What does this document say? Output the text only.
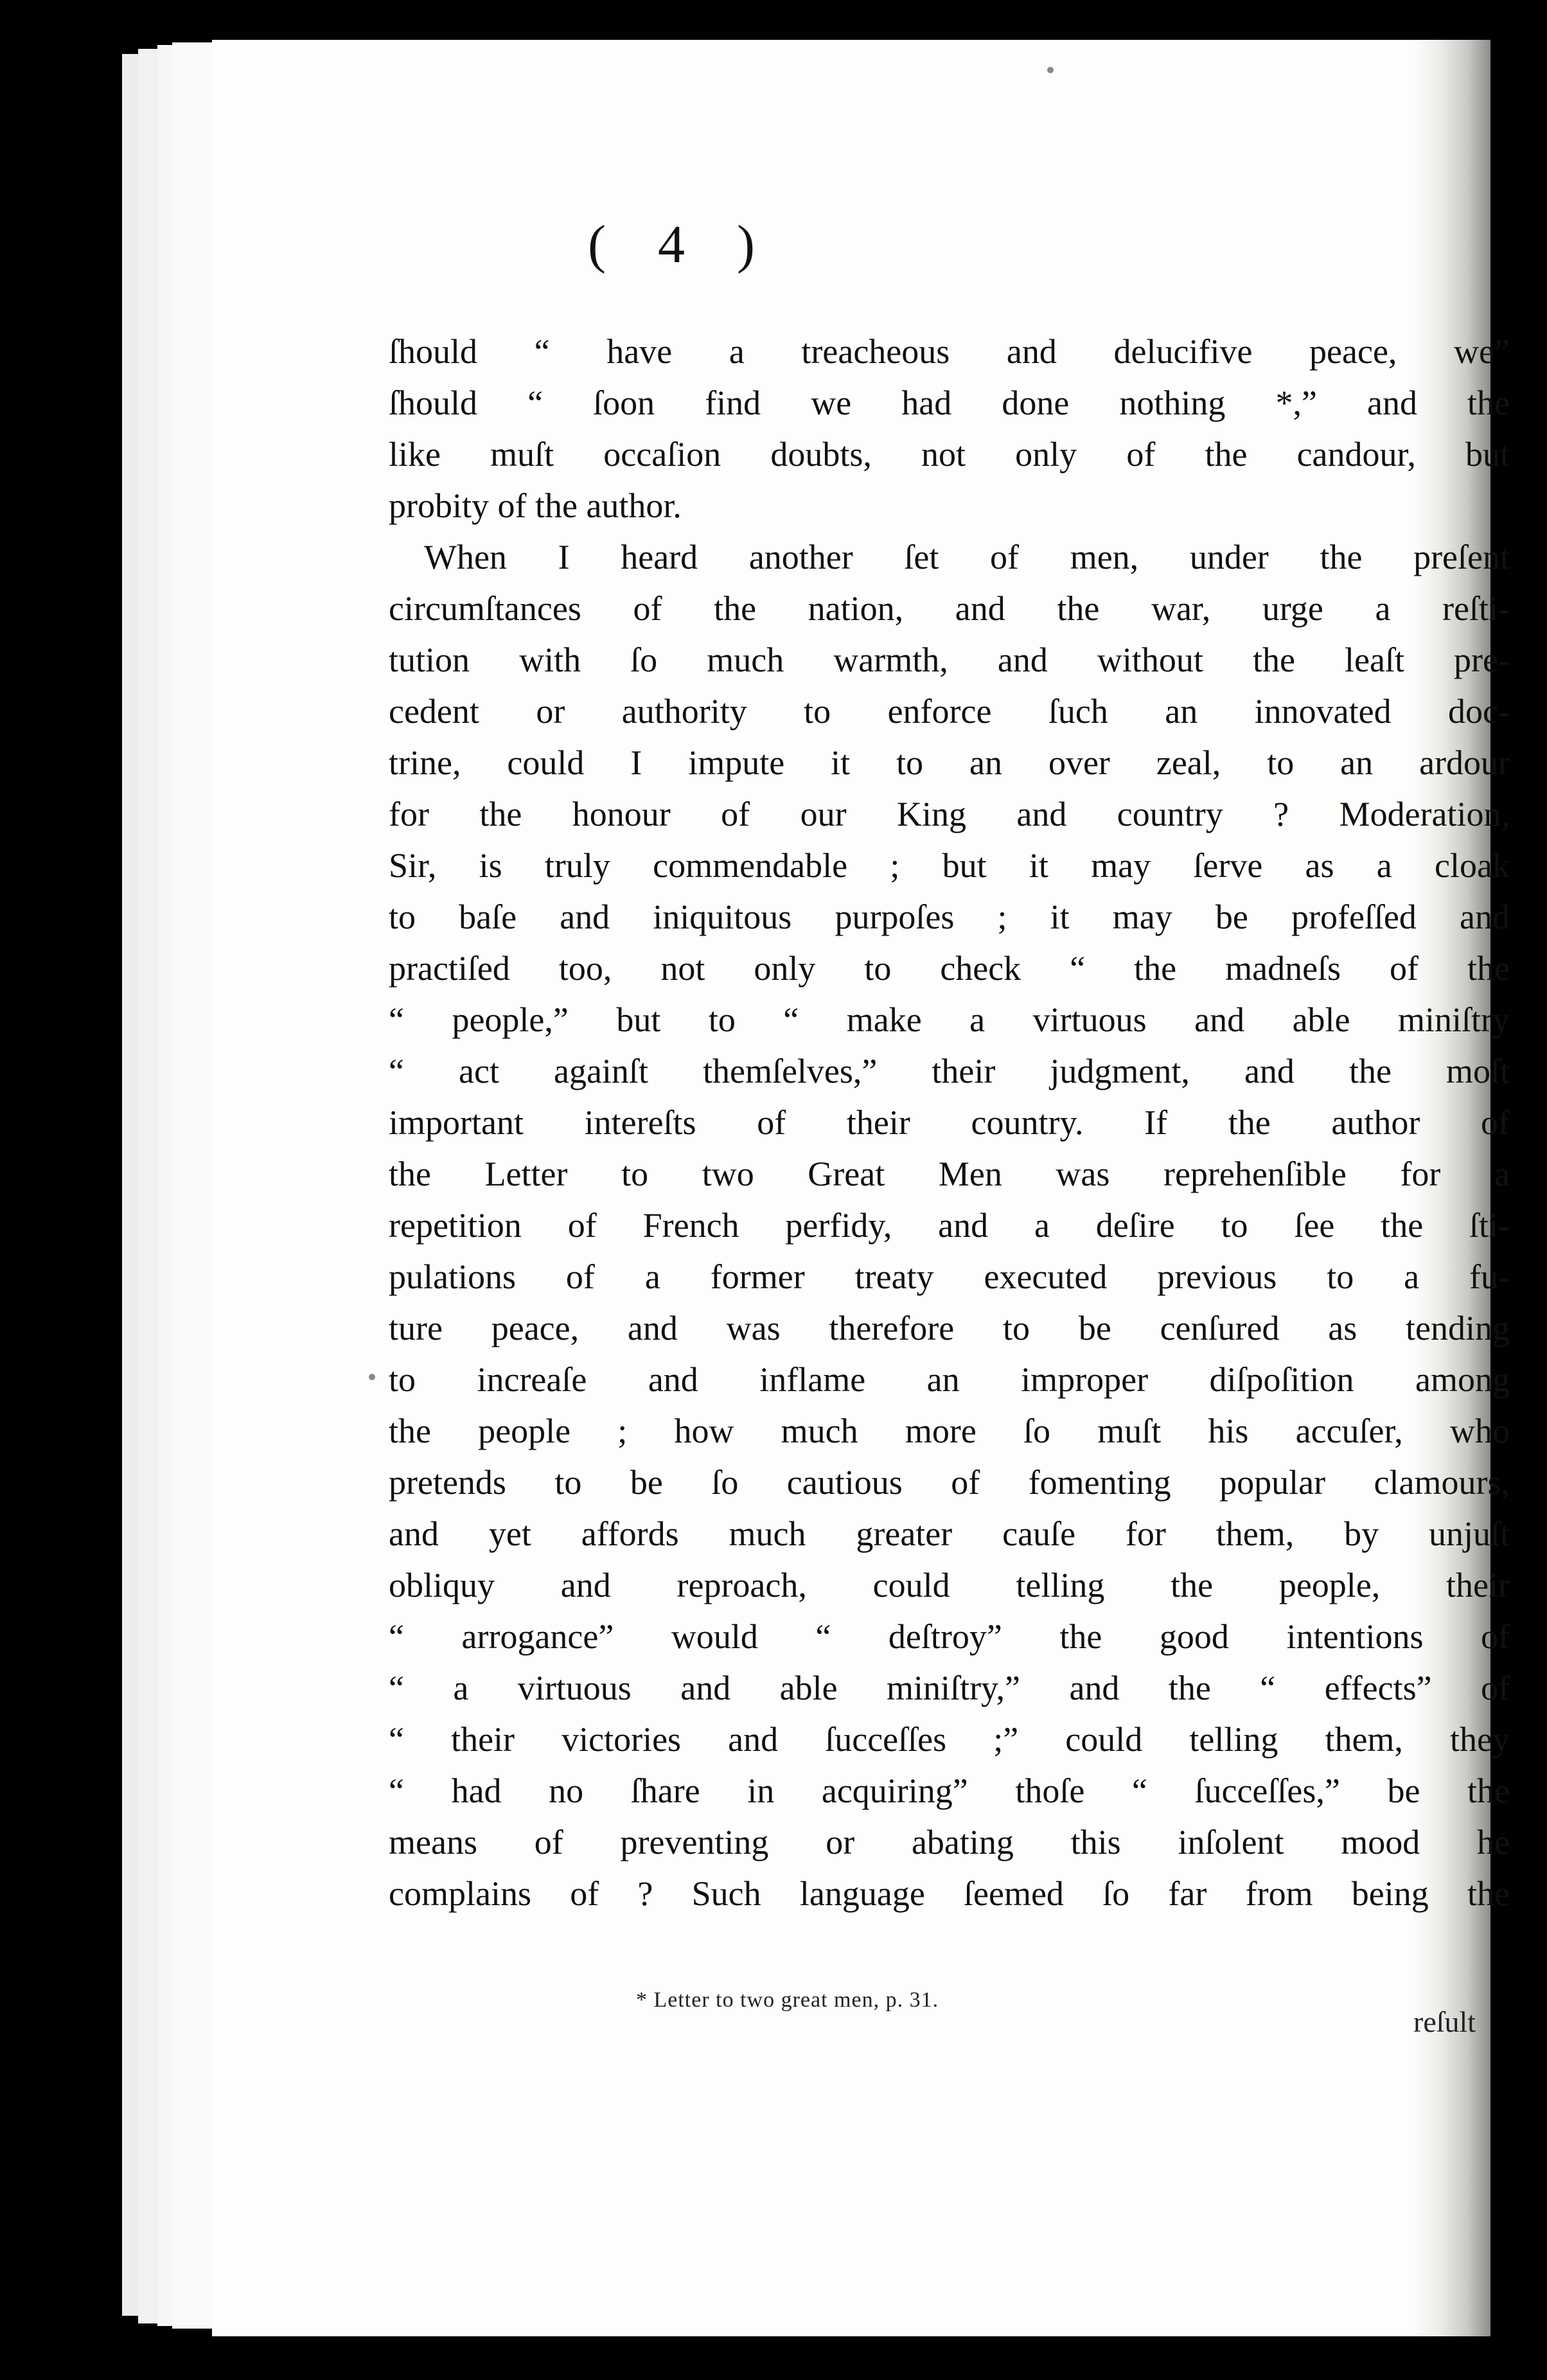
( 4 )
ſhould “ have a treacheous and delucifive peace, we”
ſhould “ ſoon find we had done nothing *,” and the
like muſt occaſion doubts, not only of the candour, but
probity of the author.
When I heard another ſet of men, under the preſent
circumſtances of the nation, and the war, urge a reſti-
tution with ſo much warmth, and without the leaſt pre-
cedent or authority to enforce ſuch an innovated doc-
trine, could I impute it to an over zeal, to an ardour
for the honour of our King and country ? Moderation,
Sir, is truly commendable ; but it may ſerve as a cloak
to baſe and iniquitous purpoſes ; it may be profeſſed and
practiſed too, not only to check “ the madneſs of the
“ people,” but to “ make a virtuous and able miniſtry
“ act againſt themſelves,” their judgment, and the moſt
important intereſts of their country. If the author of
the Letter to two Great Men was reprehenſible for a
repetition of French perfidy, and a deſire to ſee the ſti-
pulations of a former treaty executed previous to a fu-
ture peace, and was therefore to be cenſured as tending
to increaſe and inflame an improper diſpoſition among
the people ; how much more ſo muſt his accuſer, who
pretends to be ſo cautious of fomenting popular clamours,
and yet affords much greater cauſe for them, by unjuſt
obliquy and reproach, could telling the people, their
“ arrogance” would “ deſtroy” the good intentions of
“ a virtuous and able miniſtry,” and the “ effects” of
“ their victories and ſucceſſes ;” could telling them, they
“ had no ſhare in acquiring” thoſe “ ſucceſſes,” be the
means of preventing or abating this inſolent mood he
complains of ? Such language ſeemed ſo far from being the
* Letter to two great men, p. 31.
reſult
